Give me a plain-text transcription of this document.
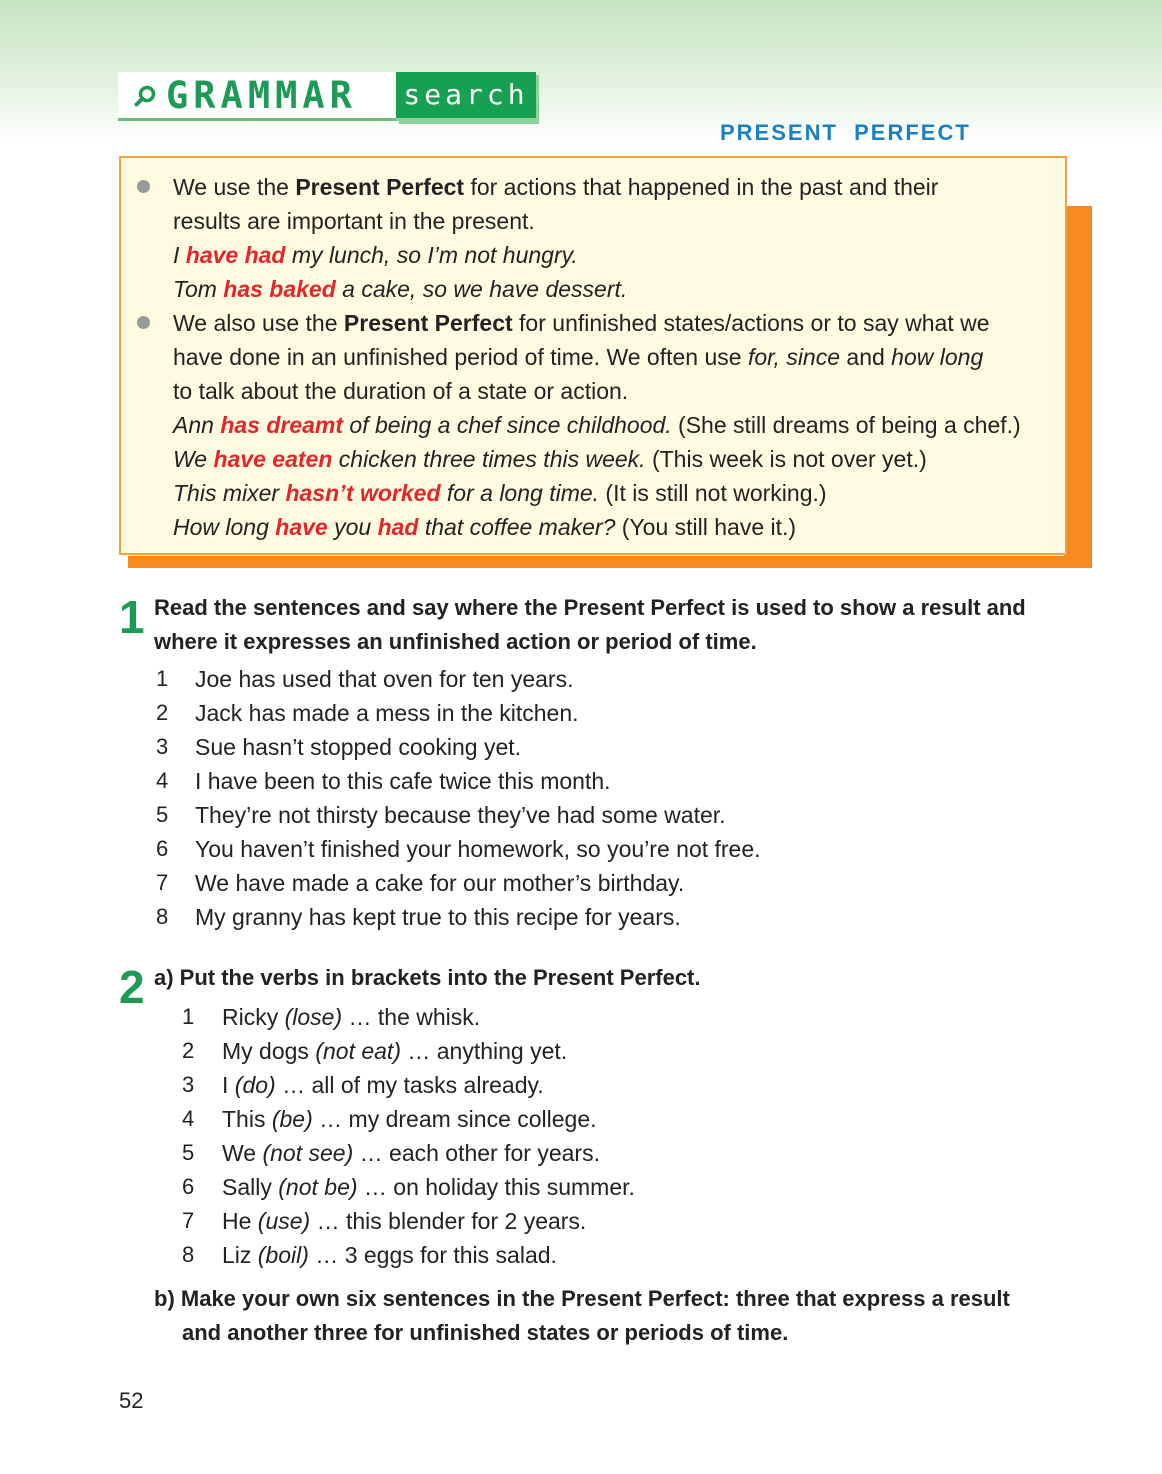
GRAMMAR search
PRESENT  PERFECT
We use the Present Perfect for actions that happened in the past and their
results are important in the present.
I have had my lunch, so I’m not hungry.
Tom has baked a cake, so we have dessert.
We also use the Present Perfect for unfinished states/actions or to say what we
have done in an unfinished period of time. We often use for, since and how long
to talk about the duration of a state or action.
Ann has dreamt of being a chef since childhood. (She still dreams of being a chef.)
We have eaten chicken three times this week. (This week is not over yet.)
This mixer hasn’t worked for a long time. (It is still not working.)
How long have you had that coffee maker? (You still have it.)
1 Read the sentences and say where the Present Perfect is used to show a result and
where it expresses an unfinished action or period of time.
1	Joe has used that oven for ten years.
2	Jack has made a mess in the kitchen.
3	Sue hasn’t stopped cooking yet.
4	I have been to this cafe twice this month.
5	They’re not thirsty because they’ve had some water.
6	You haven’t finished your homework, so you’re not free.
7	We have made a cake for our mother’s birthday.
8	My granny has kept true to this recipe for years.
2 a) Put the verbs in brackets into the Present Perfect.
1	Ricky (lose) … the whisk.
2	My dogs (not eat) … anything yet.
3	I (do) … all of my tasks already.
4	This (be) … my dream since college.
5	We (not see) … each other for years.
6	Sally (not be) … on holiday this summer.
7	He (use) … this blender for 2 years.
8	Liz (boil) … 3 eggs for this salad.
b) Make your own six sentences in the Present Perfect: three that express a result
and another three for unfinished states or periods of time.
52
